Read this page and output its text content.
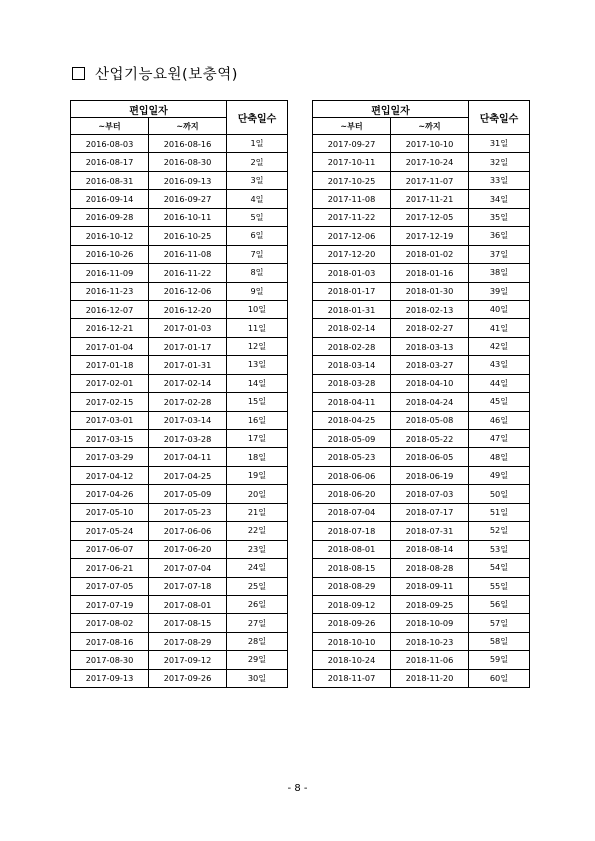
산업기능요원(보충역)
편입일자		단축일수
~부터	~까지	
2016-08-03	2016-08-16	1일
2016-08-17	2016-08-30	2일
2016-08-31	2016-09-13	3일
2016-09-14	2016-09-27	4일
2016-09-28	2016-10-11	5일
2016-10-12	2016-10-25	6일
2016-10-26	2016-11-08	7일
2016-11-09	2016-11-22	8일
2016-11-23	2016-12-06	9일
2016-12-07	2016-12-20	10일
2016-12-21	2017-01-03	11일
2017-01-04	2017-01-17	12일
2017-01-18	2017-01-31	13일
2017-02-01	2017-02-14	14일
2017-02-15	2017-02-28	15일
2017-03-01	2017-03-14	16일
2017-03-15	2017-03-28	17일
2017-03-29	2017-04-11	18일
2017-04-12	2017-04-25	19일
2017-04-26	2017-05-09	20일
2017-05-10	2017-05-23	21일
2017-05-24	2017-06-06	22일
2017-06-07	2017-06-20	23일
2017-06-21	2017-07-04	24일
2017-07-05	2017-07-18	25일
2017-07-19	2017-08-01	26일
2017-08-02	2017-08-15	27일
2017-08-16	2017-08-29	28일
2017-08-30	2017-09-12	29일
2017-09-13	2017-09-26	30일
편입일자		단축일수
~부터	~까지	
2017-09-27	2017-10-10	31일
2017-10-11	2017-10-24	32일
2017-10-25	2017-11-07	33일
2017-11-08	2017-11-21	34일
2017-11-22	2017-12-05	35일
2017-12-06	2017-12-19	36일
2017-12-20	2018-01-02	37일
2018-01-03	2018-01-16	38일
2018-01-17	2018-01-30	39일
2018-01-31	2018-02-13	40일
2018-02-14	2018-02-27	41일
2018-02-28	2018-03-13	42일
2018-03-14	2018-03-27	43일
2018-03-28	2018-04-10	44일
2018-04-11	2018-04-24	45일
2018-04-25	2018-05-08	46일
2018-05-09	2018-05-22	47일
2018-05-23	2018-06-05	48일
2018-06-06	2018-06-19	49일
2018-06-20	2018-07-03	50일
2018-07-04	2018-07-17	51일
2018-07-18	2018-07-31	52일
2018-08-01	2018-08-14	53일
2018-08-15	2018-08-28	54일
2018-08-29	2018-09-11	55일
2018-09-12	2018-09-25	56일
2018-09-26	2018-10-09	57일
2018-10-10	2018-10-23	58일
2018-10-24	2018-11-06	59일
2018-11-07	2018-11-20	60일
- 8 -
